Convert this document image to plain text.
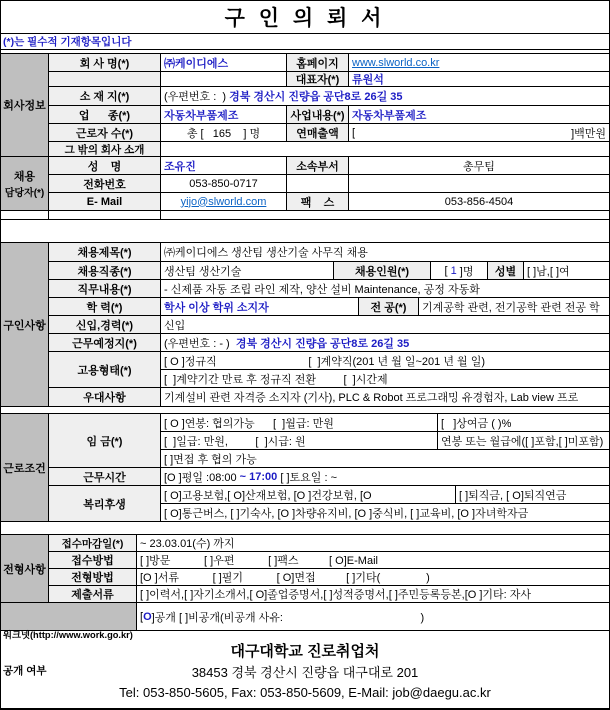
구 인 의 뢰 서
(*)는 필수적 기재항목입니다
회사정보
회 사 명(*)	㈜케이디에스	홈페이지	www.slworld.co.kr
대표자(*)	류원석
소 재 지(*)	(우편번호 :  ) 경북 경산시 진량읍 공단8로 26길 35
업      종(*)	자동차부품제조	사업내용(*) 자동차부품제조
근로자 수(*)	총 [   165    ] 명	연매출액	[	]백만원
그 밖의 회사 소개
채용
담당자(*)
성    명	조유진	소속부서	총무팀
전화번호	053-850-0717
E- Mail	yijo@slworld.com	팩    스	053-856-4504
구인사항
채용제목(*)	㈜케이디에스 생산팀 생산기술 사무직 채용
채용직종(*)	생산팀 생산기술	채용인원(*)	[ 1 ]명	성별 [ ]남,[ ]여
직무내용(*)	- 신제품 자동 조립 라인 제작, 양산 설비 Maintenance, 공정 자동화
학 력(*)	학사 이상 학위 소지자	전 공(*)	기계공학 관련, 전기공학 관련 전공 학
신입,경력(*)	신입
근무예정지(*)	(우편번호 : - ) 경북 경산시 진량읍 공단8로 26길 35
고용형태(*)
[ O ]정규직                              [  ]계약직(201 년 월 일~201 년 월 일)
[  ]계약기간 만료 후 정규직 전환         [  ]시간제
우대사항	기계설비 관련 자격증 소지자 (기사), PLC & Robot 프로그래밍 유경험자, Lab view 프로
근로조건
임 금(*)
[ O ]연봉: 협의가능      [  ]월급: 만원	[   ]상여금 ( )%
[  ]일급: 만원,         [  ]시급: 원	연봉 또는 월급에([ ]포함,[ ]미포함)
[ ]면접 후 협의 가능
근무시간	[O ]평일 :08:00 ~ 17:00 [ ]토요일 : ~
복리후생
[ O]고용보험,[ O]산재보험, [O ]건강보험, [O	[ ]퇴직금, [ O]퇴직연금
[ O]통근버스, [ ]기숙사, [O ]차량유지비, [O ]중식비, [ ]교육비, [O ]자녀학자금
전형사항
접수마감일(*)	~ 23.03.01(수) 까지
접수방법	[ ]방문           [ ]우편           [ ]팩스          [ O]E-Mail
전형방법	[O ]서류           [ ]필기           [ O]면접          [ ]기타(               )
제출서류	[ ]이력서,[ ]자기소개서,[ O]졸업증명서,[ ]성적증명서,[ ]주민등록등본,[O ]기타: 자사

워크넷(http://www.work.go.kr)

공개 여부

[ O ]공개 [ ]비공개(비공개 사유:                                             )
대구대학교 진로취업처
38453 경북 경산시 진량읍 대구대로 201
Tel: 053-850-5605, Fax: 053-850-5609, E-Mail: job@daegu.ac.kr
